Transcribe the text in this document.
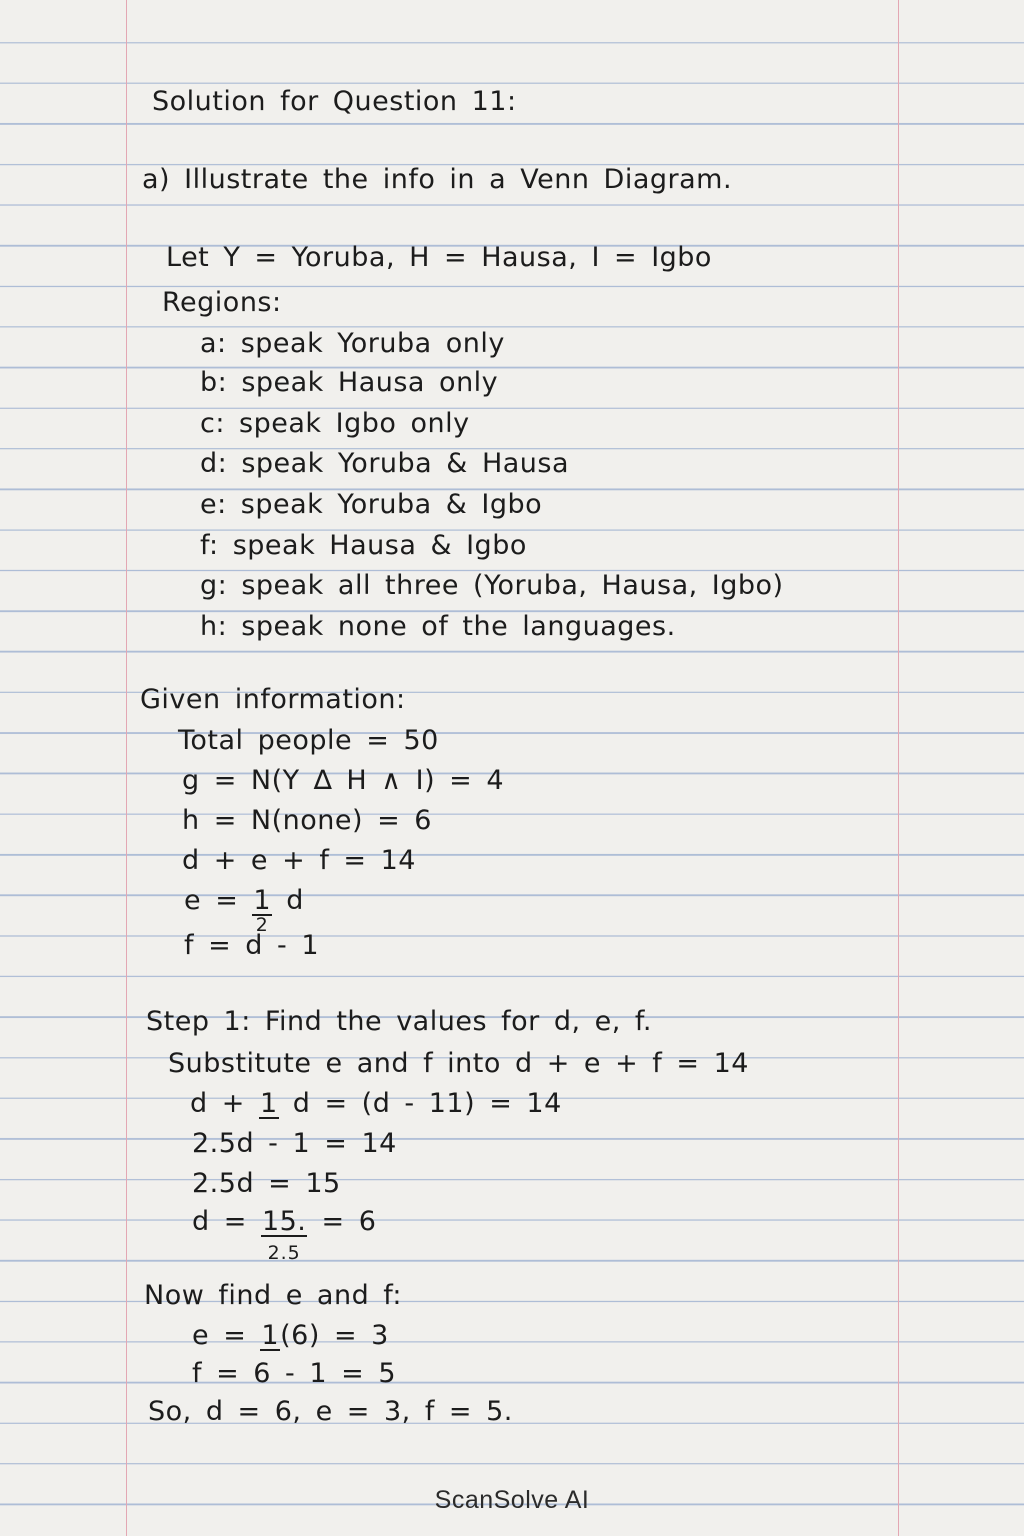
Solution for Question 11:
a) Illustrate the info in a Venn Diagram.
Let Y = Yoruba, H = Hausa, I = Igbo
Regions:
a: speak Yoruba only
b: speak Hausa only
c: speak Igbo only
d: speak Yoruba & Hausa
e: speak Yoruba & Igbo
f: speak Hausa & Igbo
g: speak all three (Yoruba, Hausa, Igbo)
h: speak none of the languages.
Given information:
Total people = 50
g = N(Y ∆ H ∧ I) = 4
h = N(none) = 6
d + e + f = 14
$e = \frac{1}{2}$ d
f = d - 1
Step 1: Find the values for d, e, f.
Substitute e and f into d + e + f = 14
d + 1 d = (d - 11) = 14
2.5d - 1 = 14
2.5d = 15
$d = \frac{15.}{2.5} = 6$
Now find e and f:
e = 1(6) = 3
f = 6 - 1 = 5
So, d = 6, e = 3, f = 5.
ScanSolve AI
